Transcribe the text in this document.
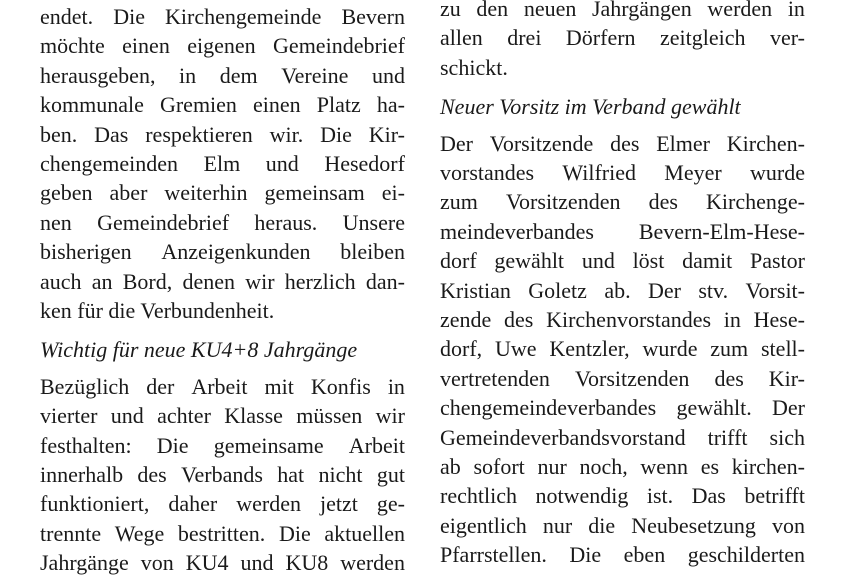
endet. Die Kirchengemeinde Bevern
möchte einen eigenen Gemeindebrief
herausgeben, in dem Vereine und
kommunale Gremien einen Platz ha-
ben. Das respektieren wir. Die Kir-
chengemeinden Elm und Hesedorf
geben aber weiterhin gemeinsam ei-
nen Gemeindebrief heraus. Unsere
bisherigen Anzeigenkunden bleiben
auch an Bord, denen wir herzlich dan-
ken für die Verbundenheit.
Wichtig für neue KU4+8 Jahrgänge
Bezüglich der Arbeit mit Konfis in
vierter und achter Klasse müssen wir
festhalten: Die gemeinsame Arbeit
innerhalb des Verbands hat nicht gut
funktioniert, daher werden jetzt ge-
trennte Wege bestritten. Die aktuellen
Jahrgänge von KU4 und KU8 werden
zu den neuen Jahrgängen werden in
allen drei Dörfern zeitgleich ver-
schickt.
Neuer Vorsitz im Verband gewählt
Der Vorsitzende des Elmer Kirchen-
vorstandes Wilfried Meyer wurde
zum Vorsitzenden des Kirchenge-
meindeverbandes Bevern-Elm-Hese-
dorf gewählt und löst damit Pastor
Kristian Goletz ab. Der stv. Vorsit-
zende des Kirchenvorstandes in Hese-
dorf, Uwe Kentzler, wurde zum stell-
vertretenden Vorsitzenden des Kir-
chengemeindeverbandes gewählt. Der
Gemeindeverbandsvorstand trifft sich
ab sofort nur noch, wenn es kirchen-
rechtlich notwendig ist. Das betrifft
eigentlich nur die Neubesetzung von
Pfarrstellen. Die eben geschilderten
